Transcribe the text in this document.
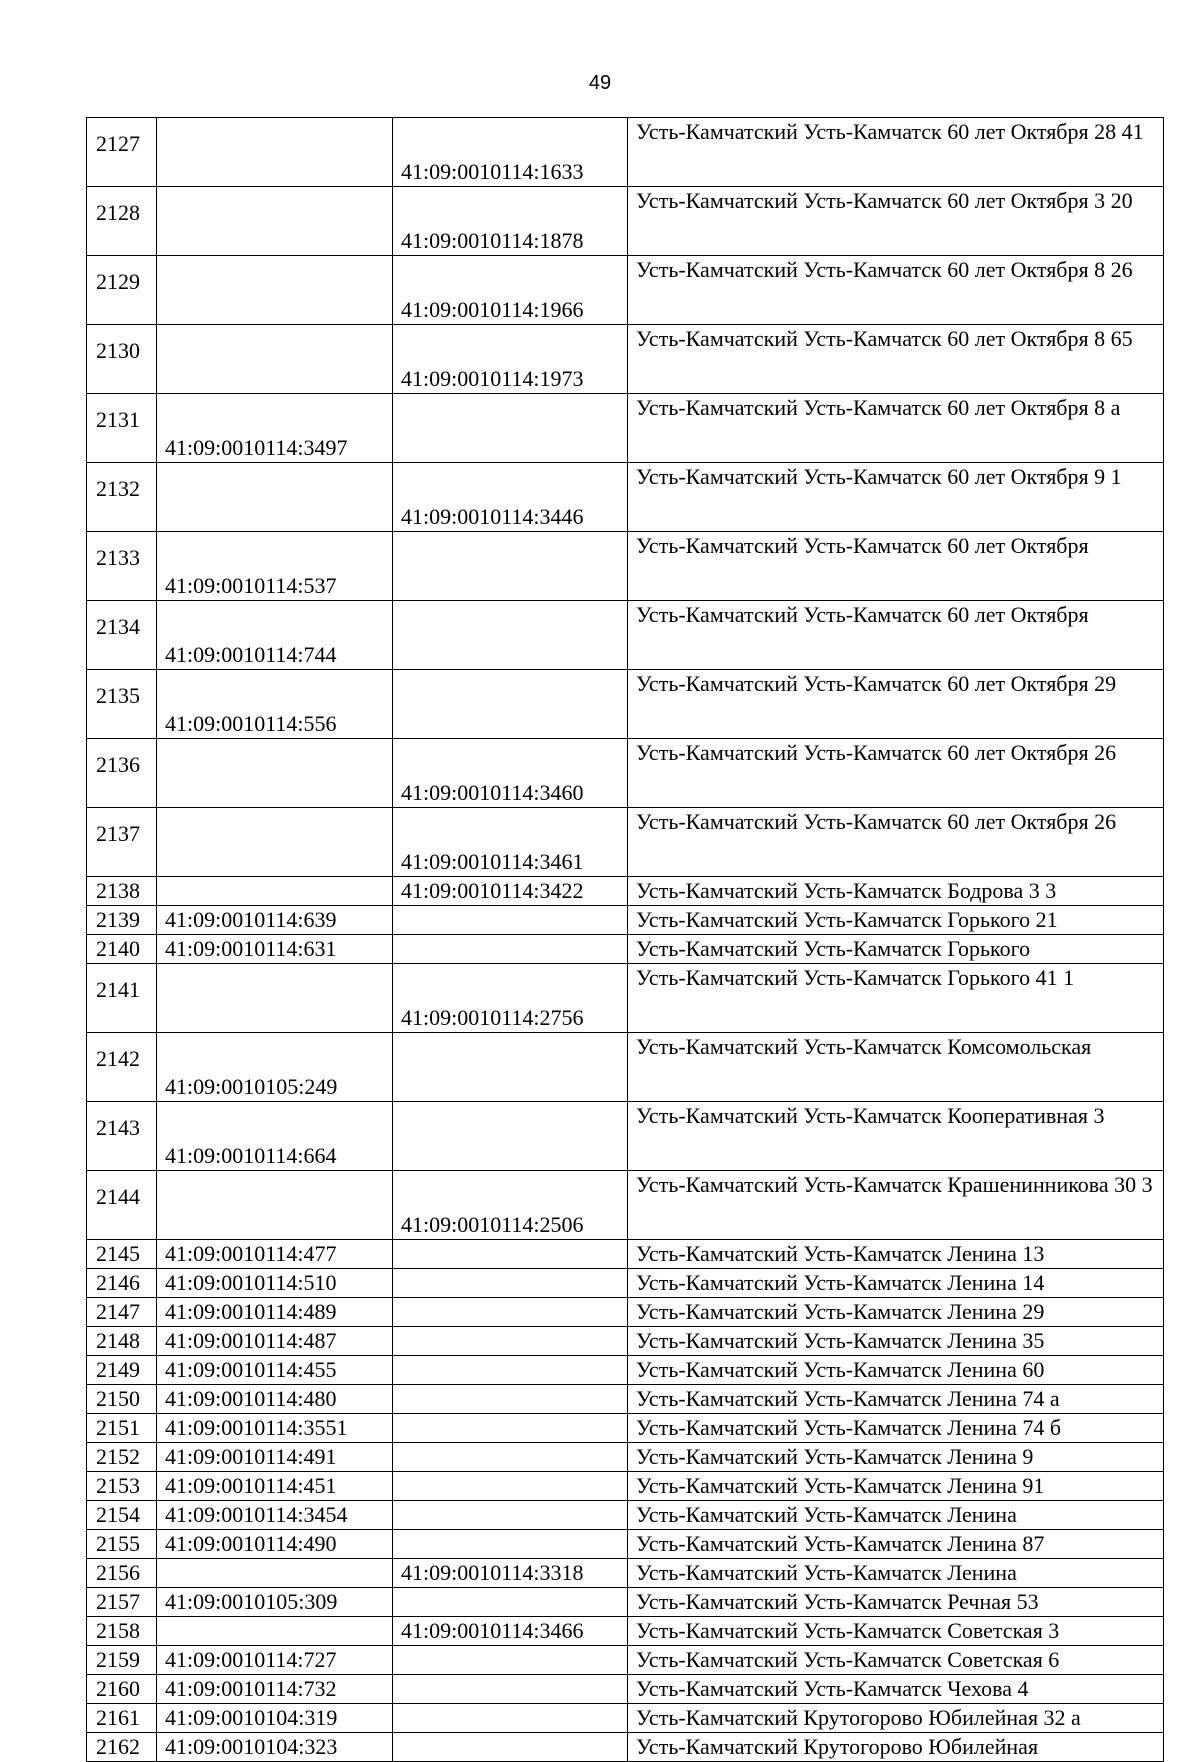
49
2127		41:09:0010114:1633	Усть-Камчатский Усть-Камчатск 60 лет Октября 28 41
2128		41:09:0010114:1878	Усть-Камчатский Усть-Камчатск 60 лет Октября 3 20
2129		41:09:0010114:1966	Усть-Камчатский Усть-Камчатск 60 лет Октября 8 26
2130		41:09:0010114:1973	Усть-Камчатский Усть-Камчатск 60 лет Октября 8 65
2131	41:09:0010114:3497		Усть-Камчатский Усть-Камчатск 60 лет Октября 8 а
2132		41:09:0010114:3446	Усть-Камчатский Усть-Камчатск 60 лет Октября 9 1
2133	41:09:0010114:537		Усть-Камчатский Усть-Камчатск 60 лет Октября
2134	41:09:0010114:744		Усть-Камчатский Усть-Камчатск 60 лет Октября
2135	41:09:0010114:556		Усть-Камчатский Усть-Камчатск 60 лет Октября 29
2136		41:09:0010114:3460	Усть-Камчатский Усть-Камчатск 60 лет Октября 26
2137		41:09:0010114:3461	Усть-Камчатский Усть-Камчатск 60 лет Октября 26
2138		41:09:0010114:3422	Усть-Камчатский Усть-Камчатск Бодрова 3 3
2139	41:09:0010114:639		Усть-Камчатский Усть-Камчатск Горького 21
2140	41:09:0010114:631		Усть-Камчатский Усть-Камчатск Горького
2141		41:09:0010114:2756	Усть-Камчатский Усть-Камчатск Горького 41 1
2142	41:09:0010105:249		Усть-Камчатский Усть-Камчатск Комсомольская
2143	41:09:0010114:664		Усть-Камчатский Усть-Камчатск Кооперативная 3
2144		41:09:0010114:2506	Усть-Камчатский Усть-Камчатск Крашенинникова 30 3
2145	41:09:0010114:477		Усть-Камчатский Усть-Камчатск Ленина 13
2146	41:09:0010114:510		Усть-Камчатский Усть-Камчатск Ленина 14
2147	41:09:0010114:489		Усть-Камчатский Усть-Камчатск Ленина 29
2148	41:09:0010114:487		Усть-Камчатский Усть-Камчатск Ленина 35
2149	41:09:0010114:455		Усть-Камчатский Усть-Камчатск Ленина 60
2150	41:09:0010114:480		Усть-Камчатский Усть-Камчатск Ленина 74 а
2151	41:09:0010114:3551		Усть-Камчатский Усть-Камчатск Ленина 74 б
2152	41:09:0010114:491		Усть-Камчатский Усть-Камчатск Ленина 9
2153	41:09:0010114:451		Усть-Камчатский Усть-Камчатск Ленина 91
2154	41:09:0010114:3454		Усть-Камчатский Усть-Камчатск Ленина
2155	41:09:0010114:490		Усть-Камчатский Усть-Камчатск Ленина 87
2156		41:09:0010114:3318	Усть-Камчатский Усть-Камчатск Ленина
2157	41:09:0010105:309		Усть-Камчатский Усть-Камчатск Речная 53
2158		41:09:0010114:3466	Усть-Камчатский Усть-Камчатск Советская 3
2159	41:09:0010114:727		Усть-Камчатский Усть-Камчатск Советская 6
2160	41:09:0010114:732		Усть-Камчатский Усть-Камчатск Чехова 4
2161	41:09:0010104:319		Усть-Камчатский Крутогорово Юбилейная 32 а
2162	41:09:0010104:323		Усть-Камчатский Крутогорово Юбилейная
